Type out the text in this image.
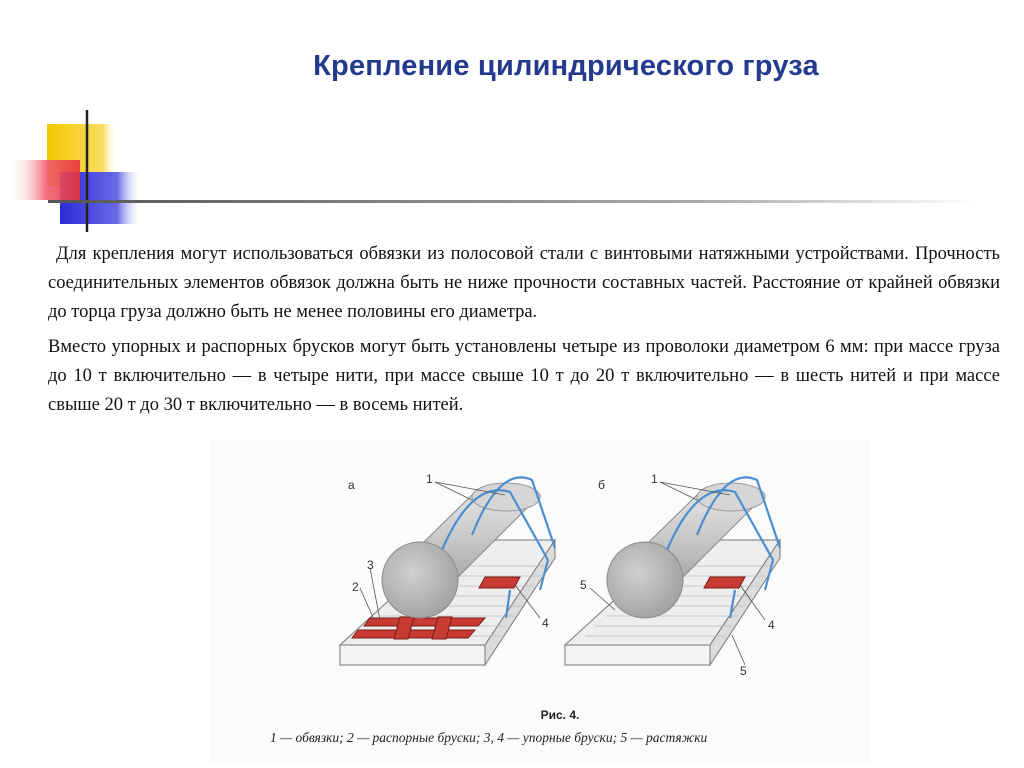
Крепление цилиндрического груза

Для крепления могут использоваться обвязки из полосовой стали с винтовыми натяжными устройствами. Прочность соединительных элементов обвязок должна быть не ниже прочности составных частей. Расстояние от крайней обвязки до торца груза должно быть не менее половины его диаметра.

Вместо упорных и распорных брусков могут быть установлены четыре из проволоки диаметром 6 мм: при массе груза до 10 т включительно — в четыре нити, при массе свыше 10 т до 20 т включительно — в шесть нитей и при массе свыше 20 т до 30 т включительно — в восемь нитей.

а	б
1
3
2
4
1
5
4
5
Рис. 4.
1 — обвязки; 2 — распорные бруски; 3, 4 — упорные бруски; 5 — растяжки
